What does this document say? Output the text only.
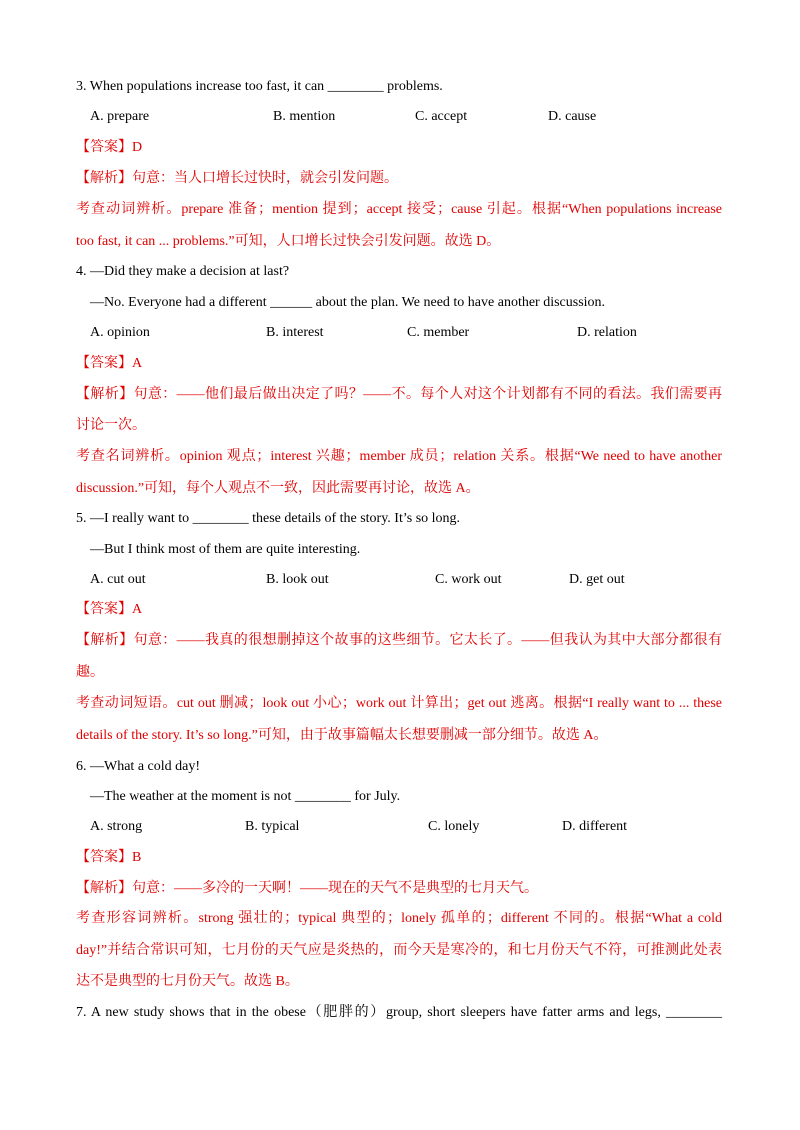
3. When populations increase too fast, it can ________ problems.
A. prepare	B. mention	C. accept	D. cause
【答案】D
【解析】句意：当人口增长过快时，就会引发问题。
考查动词辨析。prepare 准备；mention 提到；accept 接受；cause 引起。根据“When populations increase
too fast, it can ... problems.”可知，人口增长过快会引发问题。故选 D。
4. —Did they make a decision at last?
—No. Everyone had a different ______ about the plan. We need to have another discussion.
A. opinion	B. interest	C. member	D. relation
【答案】A
【解析】句意：——他们最后做出决定了吗？——不。每个人对这个计划都有不同的看法。我们需要再
讨论一次。
考查名词辨析。opinion 观点；interest 兴趣；member 成员；relation 关系。根据“We need to have another
discussion.”可知，每个人观点不一致，因此需要再讨论，故选 A。
5. —I really want to ________ these details of the story. It’s so long.
—But I think most of them are quite interesting.
A. cut out	B. look out	C. work out	D. get out
【答案】A
【解析】句意：——我真的很想删掉这个故事的这些细节。它太长了。——但我认为其中大部分都很有
趣。
考查动词短语。cut out 删减；look out 小心；work out 计算出；get out 逃离。根据“I really want to ... these
details of the story. It’s so long.”可知，由于故事篇幅太长想要删减一部分细节。故选 A。
6. —What a cold day!
—The weather at the moment is not ________ for July.
A. strong	B. typical	C. lonely	D. different
【答案】B
【解析】句意：——多冷的一天啊！——现在的天气不是典型的七月天气。
考查形容词辨析。strong 强壮的；typical 典型的；lonely 孤单的；different 不同的。根据“What a cold
day!”并结合常识可知，七月份的天气应是炎热的，而今天是寒冷的，和七月份天气不符，可推测此处表
达不是典型的七月份天气。故选 B。
7. A new study shows that in the obese（肥胖的）group, short sleepers have fatter arms and legs, ________
